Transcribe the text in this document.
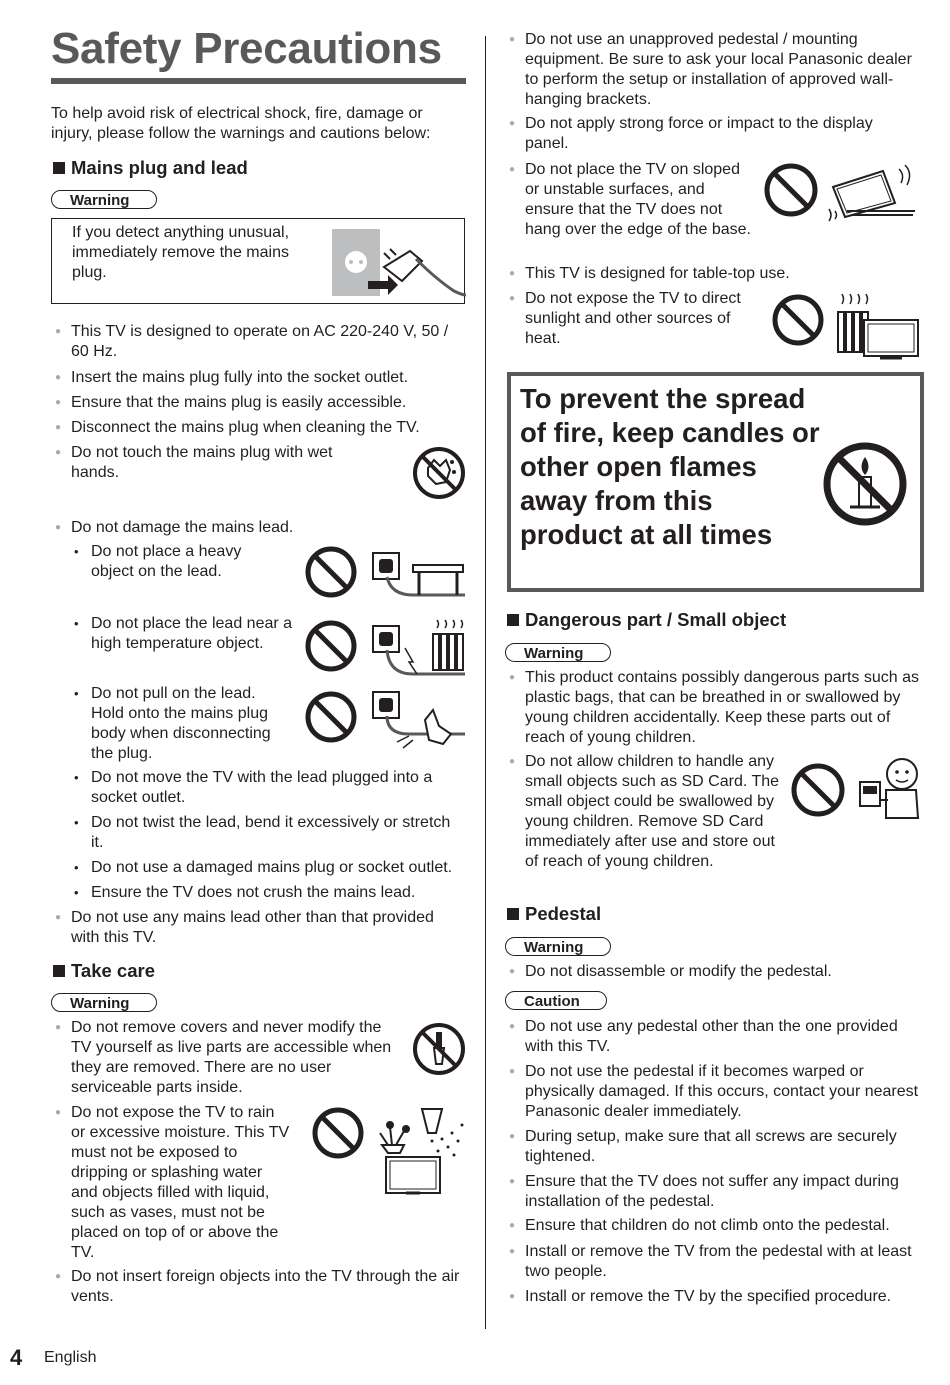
Safety Precautions
To help avoid risk of electrical shock, fire, damage or injury, please follow the warnings and cautions below:
Mains plug and lead
Warning
If you detect anything unusual, immediately remove the mains plug.
● This TV is designed to operate on AC 220-240 V, 50 / 60 Hz.
● Insert the mains plug fully into the socket outlet.
● Ensure that the mains plug is easily accessible.
● Disconnect the mains plug when cleaning the TV.
● Do not touch the mains plug with wet hands.
● Do not damage the mains lead.
• Do not place a heavy object on the lead.
• Do not place the lead near a high temperature object.
• Do not pull on the lead. Hold onto the mains plug body when disconnecting the plug.
• Do not move the TV with the lead plugged into a socket outlet.
• Do not twist the lead, bend it excessively or stretch it.
• Do not use a damaged mains plug or socket outlet.
• Ensure the TV does not crush the mains lead.
● Do not use any mains lead other than that provided with this TV.
Take care
Warning
● Do not remove covers and never modify the TV yourself as live parts are accessible when they are removed. There are no user serviceable parts inside.
● Do not expose the TV to rain or excessive moisture. This TV must not be exposed to dripping or splashing water and objects filled with liquid, such as vases, must not be placed on top of or above the TV.
● Do not insert foreign objects into the TV through the air vents.
● Do not use an unapproved pedestal / mounting equipment. Be sure to ask your local Panasonic dealer to perform the setup or installation of approved wall-hanging brackets.
● Do not apply strong force or impact to the display panel.
● Do not place the TV on sloped or unstable surfaces, and ensure that the TV does not hang over the edge of the base.
● This TV is designed for table-top use.
● Do not expose the TV to direct sunlight and other sources of heat.
To prevent the spread of fire, keep candles or other open flames away from this product at all times
Dangerous part / Small object
Warning
● This product contains possibly dangerous parts such as plastic bags, that can be breathed in or swallowed by young children accidentally. Keep these parts out of reach of young children.
● Do not allow children to handle any small objects such as SD Card. The small object could be swallowed by young children. Remove SD Card immediately after use and store out of reach of young children.
Pedestal
Warning
● Do not disassemble or modify the pedestal.
Caution
● Do not use any pedestal other than the one provided with this TV.
● Do not use the pedestal if it becomes warped or physically damaged. If this occurs, contact your nearest Panasonic dealer immediately.
● During setup, make sure that all screws are securely tightened.
● Ensure that the TV does not suffer any impact during installation of the pedestal.
● Ensure that children do not climb onto the pedestal.
● Install or remove the TV from the pedestal with at least two people.
● Install or remove the TV by the specified procedure.
4 English
